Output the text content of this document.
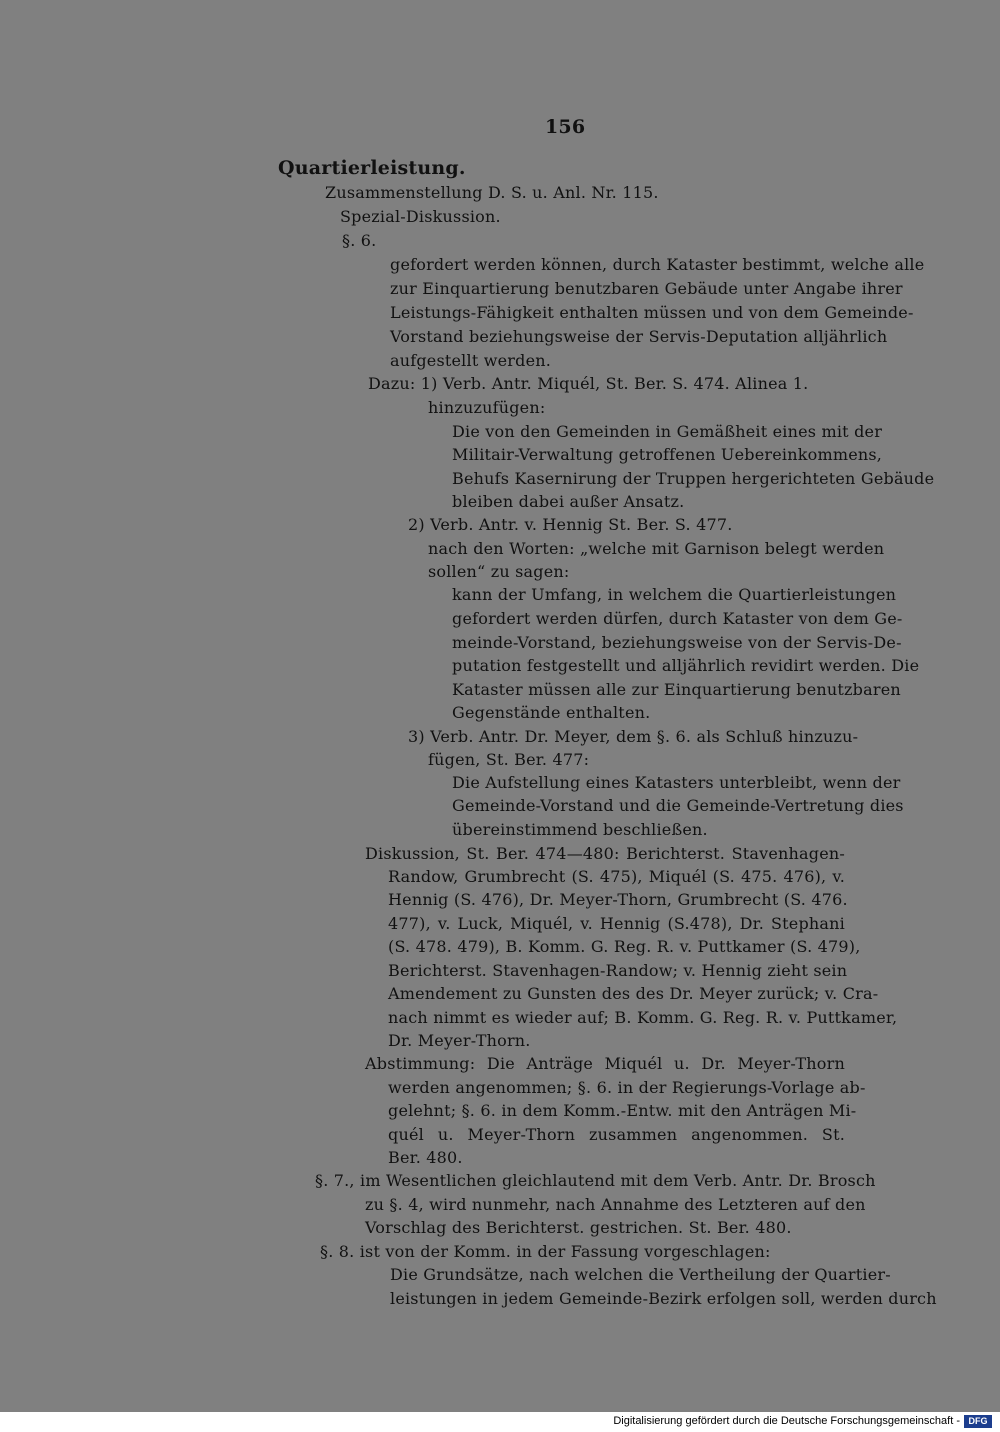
156
Quartierleistung.
Zusammenstellung D. S. u. Anl. Nr. 115.
Spezial-Diskussion.
§. 6.
gefordert werden können, durch Kataster bestimmt, welche alle
zur Einquartierung benutzbaren Gebäude unter Angabe ihrer
Leistungs-Fähigkeit enthalten müssen und von dem Gemeinde-
Vorstand beziehungsweise der Servis-Deputation alljährlich
aufgestellt werden.
Dazu: 1) Verb. Antr. Miquél, St. Ber. S. 474. Alinea 1.
hinzuzufügen:
Die von den Gemeinden in Gemäßheit eines mit der
Militair-Verwaltung getroffenen Uebereinkommens,
Behufs Kasernirung der Truppen hergerichteten Gebäude
bleiben dabei außer Ansatz.
2) Verb. Antr. v. Hennig St. Ber. S. 477.
nach den Worten: „welche mit Garnison belegt werden
sollen“ zu sagen:
kann der Umfang, in welchem die Quartierleistungen
gefordert werden dürfen, durch Kataster von dem Ge-
meinde-Vorstand, beziehungsweise von der Servis-De-
putation festgestellt und alljährlich revidirt werden. Die
Kataster müssen alle zur Einquartierung benutzbaren
Gegenstände enthalten.
3) Verb. Antr. Dr. Meyer, dem §. 6. als Schluß hinzuzu-
fügen, St. Ber. 477:
Die Aufstellung eines Katasters unterbleibt, wenn der
Gemeinde-Vorstand und die Gemeinde-Vertretung dies
übereinstimmend beschließen.
Diskussion, St. Ber. 474—480: Berichterst. Stavenhagen-
Randow, Grumbrecht (S. 475), Miquél (S. 475. 476), v.
Hennig (S. 476), Dr. Meyer-Thorn, Grumbrecht (S. 476.
477), v. Luck, Miquél, v. Hennig (S.478), Dr. Stephani
(S. 478. 479), B. Komm. G. Reg. R. v. Puttkamer (S. 479),
Berichterst. Stavenhagen-Randow; v. Hennig zieht sein
Amendement zu Gunsten des des Dr. Meyer zurück; v. Cra-
nach nimmt es wieder auf; B. Komm. G. Reg. R. v. Puttkamer,
Dr. Meyer-Thorn.
Abstimmung: Die Anträge Miquél u. Dr. Meyer-Thorn
werden angenommen; §. 6. in der Regierungs-Vorlage ab-
gelehnt; §. 6. in dem Komm.-Entw. mit den Anträgen Mi-
quél u. Meyer-Thorn zusammen angenommen. St.
Ber. 480.
§. 7., im Wesentlichen gleichlautend mit dem Verb. Antr. Dr. Brosch
zu §. 4, wird nunmehr, nach Annahme des Letzteren auf den
Vorschlag des Berichterst. gestrichen. St. Ber. 480.
§. 8. ist von der Komm. in der Fassung vorgeschlagen:
Die Grundsätze, nach welchen die Vertheilung der Quartier-
leistungen in jedem Gemeinde-Bezirk erfolgen soll, werden durch
Digitalisierung gefördert durch die Deutsche Forschungsgemeinschaft - DFG
